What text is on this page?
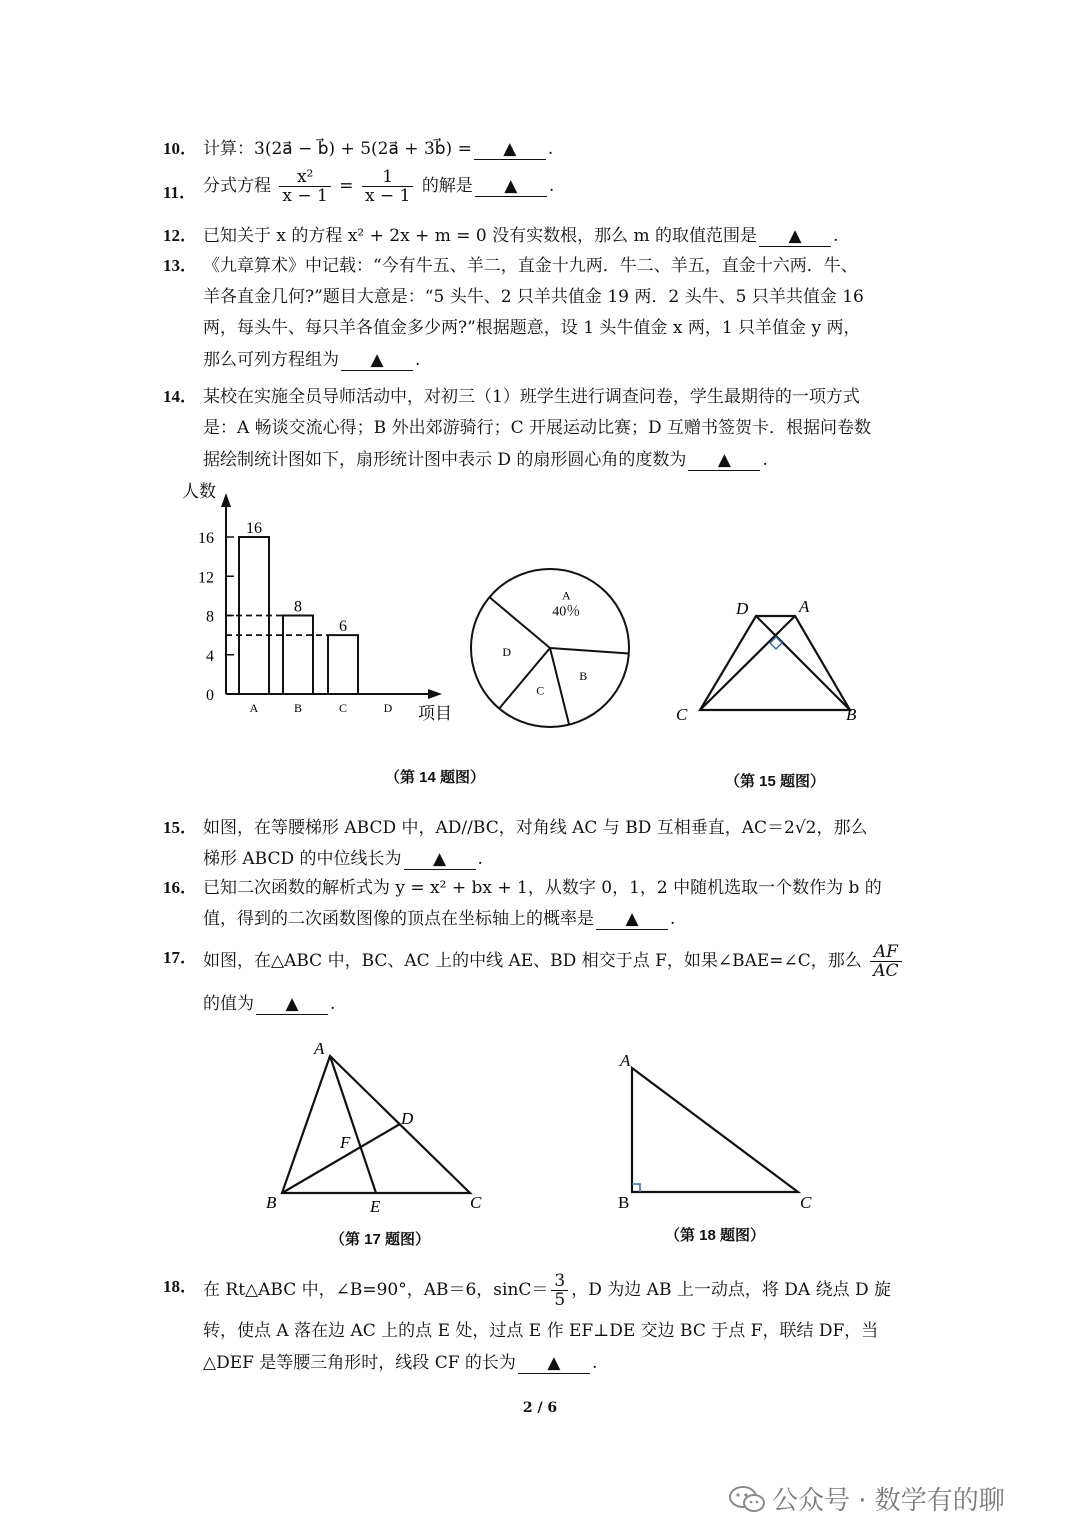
10． 计算：3(2a⃗ − b⃗) + 5(2a⃗ + 3b⃗) = ▲ .
11． 分式方程 $\frac{\text{x²}}{x - 1} = \frac{1}{x - 1}$ 的解是 ▲ .
12． 已知关于 x 的方程 x² + 2x + m = 0 没有实数根，那么 m 的取值范围是 ▲ .
13． 《九章算术》中记载：“今有牛五、羊二，直金十九两．牛二、羊五，直金十六两．牛、
羊各直金几何?”题目大意是：“5 头牛、2 只羊共值金 19 两．2 头牛、5 只羊共值金 16
两，每头牛、每只羊各值金多少两?”根据题意，设 1 头牛值金 x 两，1 只羊值金 y 两，
那么可列方程组为 ▲ .
14． 某校在实施全员导师活动中，对初三（1）班学生进行调查问卷，学生最期待的一项方式
是：A 畅谈交流心得；B 外出郊游骑行；C 开展运动比赛；D 互赠书签贺卡．根据问卷数
据绘制统计图如下，扇形统计图中表示 D 的扇形圆心角的度数为 ▲ .
人数
项目
0
4
8
12
16
A
16
B
8
C
6
D
A
40％
B
C
D
（第 14 题图）
D	A
C	B
（第 15 题图）
15． 如图，在等腰梯形 ABCD 中，AD//BC，对角线 AC 与 BD 互相垂直，AC＝2√2，那么
梯形 ABCD 的中位线长为 ▲ .
16． 已知二次函数的解析式为 y = x² + bx + 1，从数字 0，1，2 中随机选取一个数作为 b 的
值，得到的二次函数图像的顶点在坐标轴上的概率是 ▲ .
17． 如图，在△ABC 中，BC、AC 上的中线 AE、BD 相交于点 F，如果∠BAE=∠C，那么 $\frac{AF}{AC}$
的值为 ▲ .
A
B	C
D
E
F
（第 17 题图）
A
B	C
（第 18 题图）
18． 在 Rt△ABC 中，∠B=90°，AB＝6，$\sin C= \frac{3}{5}$ ，D 为边 AB 上一动点，将 DA 绕点 D 旋
转，使点 A 落在边 AC 上的点 E 处，过点 E 作 EF⊥DE 交边 BC 于点 F，联结 DF，当
△DEF 是等腰三角形时，线段 CF 的长为 ▲ .
2 / 6
公众号 · 数学有的聊
